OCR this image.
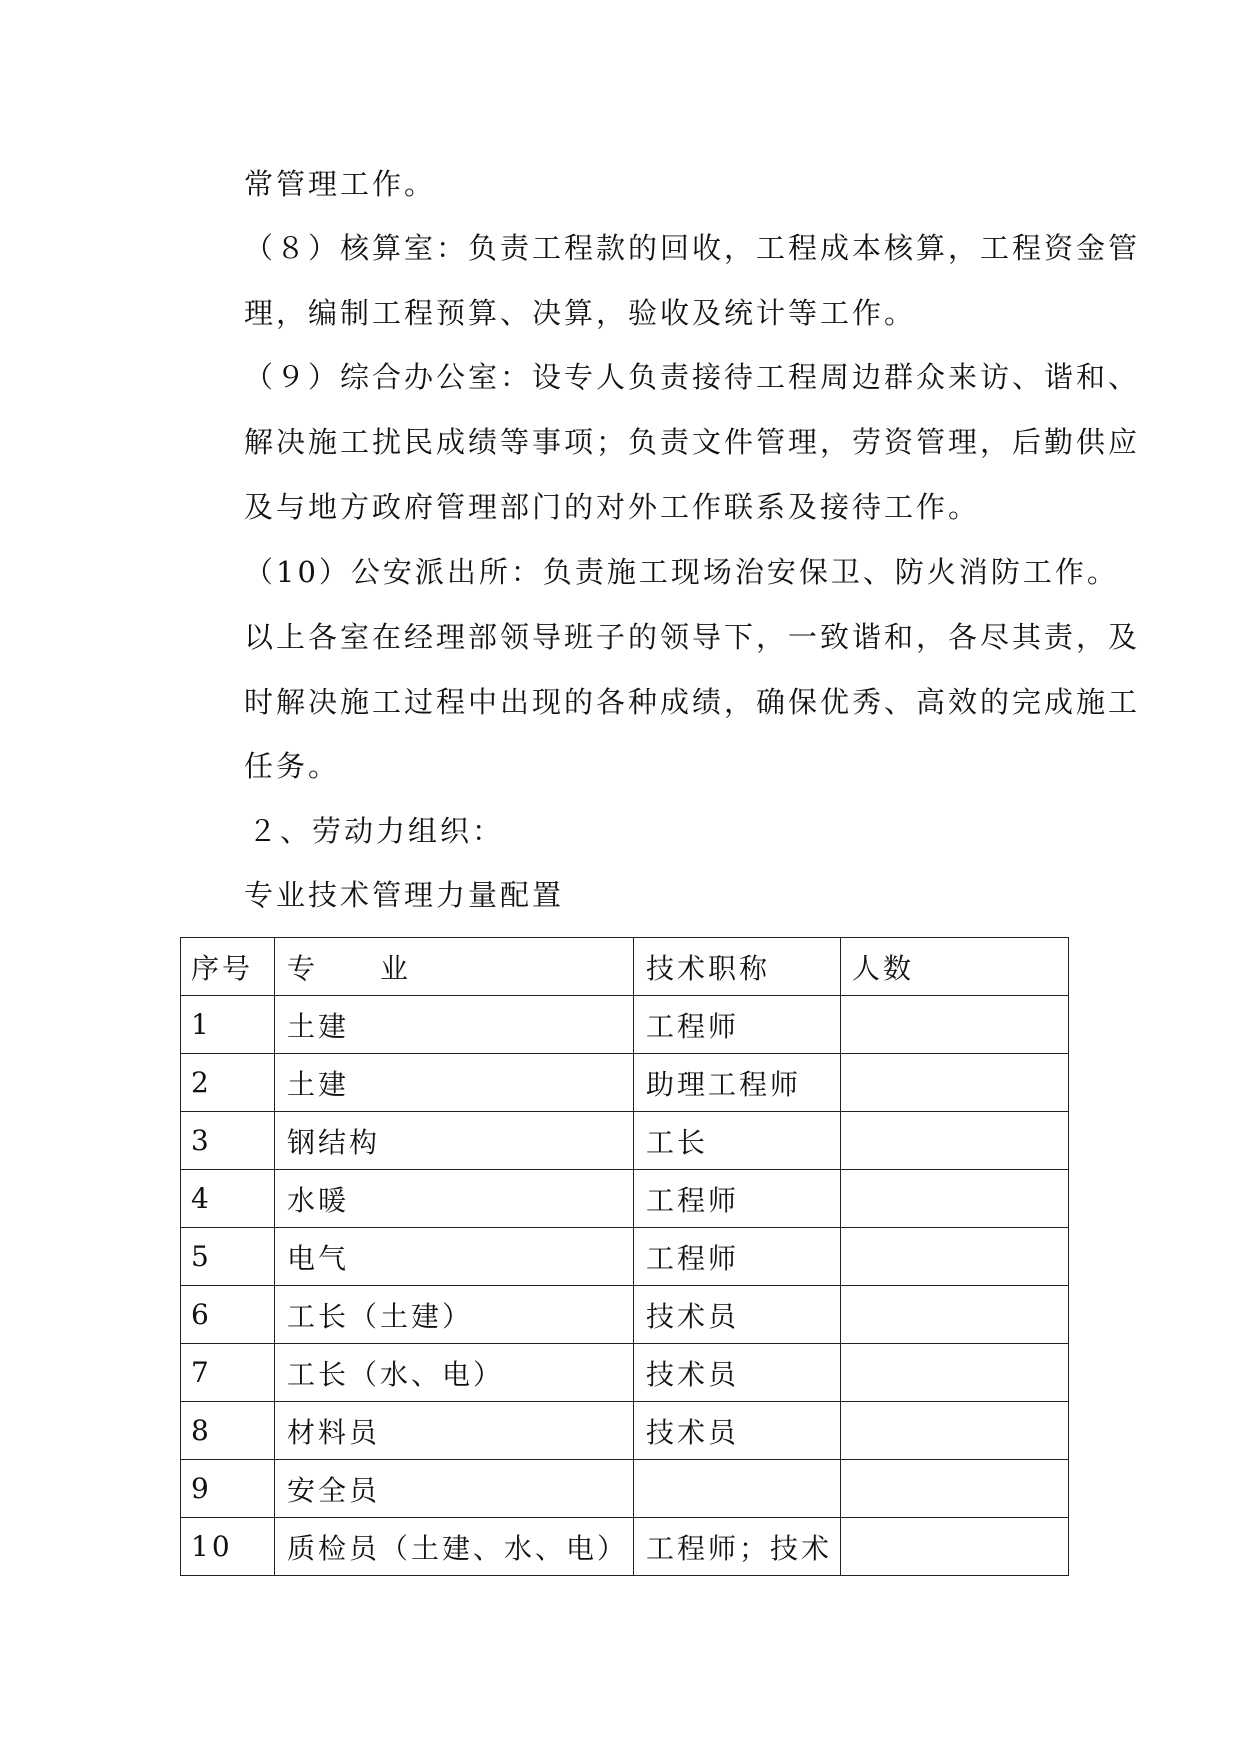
常管理工作。
（８）核算室：负责工程款的回收，工程成本核算，工程资金管
理，编制工程预算、决算，验收及统计等工作。
（９）综合办公室：设专人负责接待工程周边群众来访、谐和、
解决施工扰民成绩等事项；负责文件管理，劳资管理，后勤供应
及与地方政府管理部门的对外工作联系及接待工作。
（10）公安派出所：负责施工现场治安保卫、防火消防工作。
以上各室在经理部领导班子的领导下，一致谐和，各尽其责，及
时解决施工过程中出现的各种成绩，确保优秀、高效的完成施工
任务。
２、劳动力组织：
专业技术管理力量配置
序号	专　　业	技术职称	人数
1	土建	工程师	
2	土建	助理工程师	
3	钢结构	工长	
4	水暖	工程师	
5	电气	工程师	
6	工长（土建）	技术员	
7	工长（水、电）	技术员	
8	材料员	技术员	
9	安全员		
10	质检员（土建、水、电）	工程师；技术	
